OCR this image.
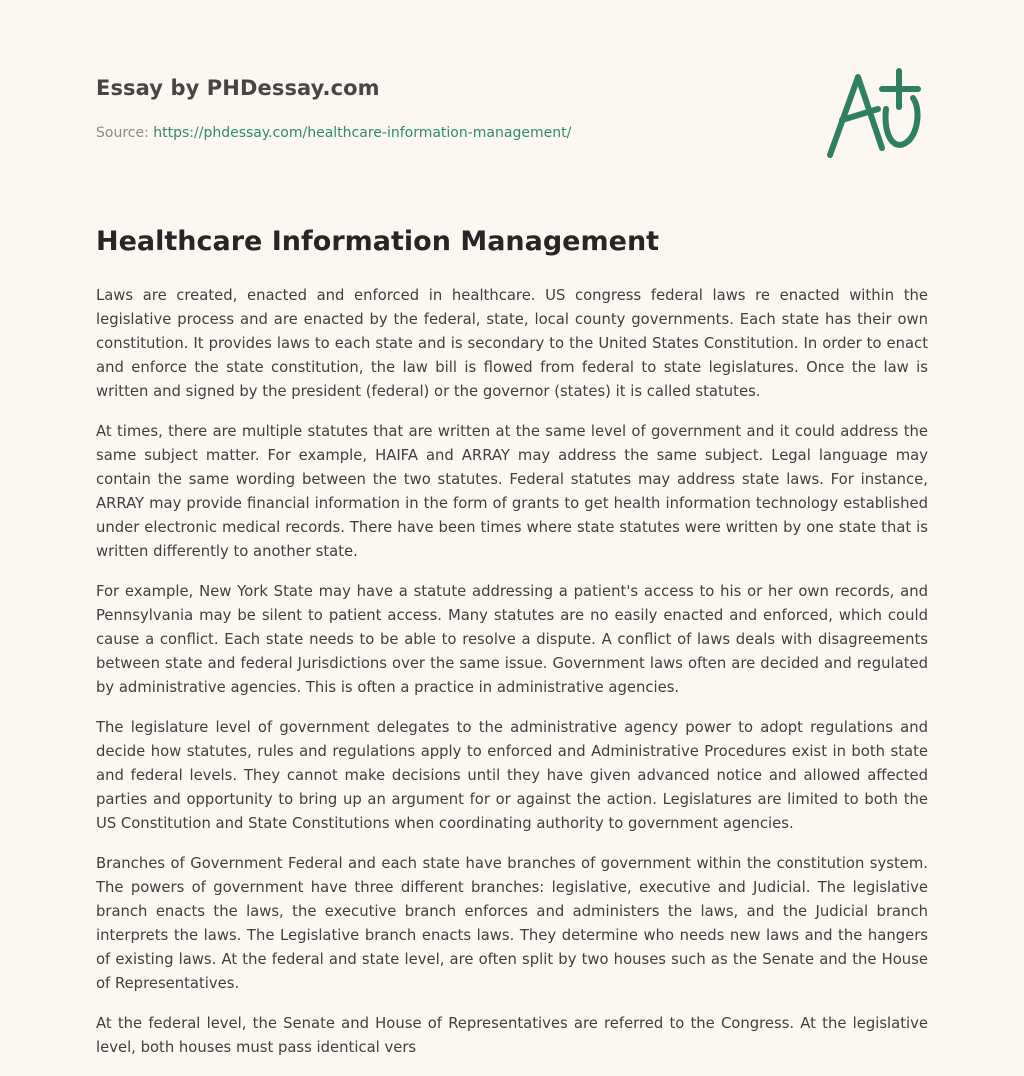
Essay by PHDessay.com
Source: https://phdessay.com/healthcare-information-management/
Healthcare Information Management

Laws are created, enacted and enforced in healthcare. US congress federal laws re enacted within the legislative process and are enacted by the federal, state, local county governments. Each state has their own constitution. It provides laws to each state and is secondary to the United States Constitution. In order to enact and enforce the state constitution, the law bill is flowed from federal to state legislatures. Once the law is written and signed by the president (federal) or the governor (states) it is called statutes.

At times, there are multiple statutes that are written at the same level of government and it could address the same subject matter. For example, HAIFA and ARRAY may address the same subject. Legal language may contain the same wording between the two statutes. Federal statutes may address state laws. For instance, ARRAY may provide financial information in the form of grants to get health information technology established under electronic medical records. There have been times where state statutes were written by one state that is written differently to another state.

For example, New York State may have a statute addressing a patient's access to his or her own records, and Pennsylvania may be silent to patient access. Many statutes are no easily enacted and enforced, which could cause a conflict. Each state needs to be able to resolve a dispute. A conflict of laws deals with disagreements between state and federal Jurisdictions over the same issue. Government laws often are decided and regulated by administrative agencies. This is often a practice in administrative agencies.

The legislature level of government delegates to the administrative agency power to adopt regulations and decide how statutes, rules and regulations apply to enforced and Administrative Procedures exist in both state and federal levels. They cannot make decisions until they have given advanced notice and allowed affected parties and opportunity to bring up an argument for or against the action. Legislatures are limited to both the US Constitution and State Constitutions when coordinating authority to government agencies.

Branches of Government Federal and each state have branches of government within the constitution system. The powers of government have three different branches: legislative, executive and Judicial. The legislative branch enacts the laws, the executive branch enforces and administers the laws, and the Judicial branch interprets the laws. The Legislative branch enacts laws. They determine who needs new laws and the hangers of existing laws. At the federal and state level, are often split by two houses such as the Senate and the House of Representatives.

At the federal level, the Senate and House of Representatives are referred to the Congress. At the legislative level, both houses must pass identical vers
